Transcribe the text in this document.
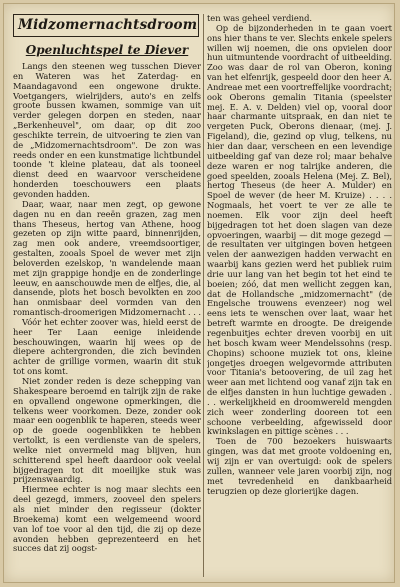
Midzomernachtsdroom
Openluchtspel te Diever

Langs den steenen weg tusschen Diever en Wateren was het Zaterdag- en Maandagavond een ongewone drukte. Voetgangers, wielrijders, auto's en zelfs groote bussen kwamen, sommige van uit verder gelegen dorpen en steden, naar „Berkenheuvel", om daar, op dit zoo geschikte terrein, de uitvoering te zien van de „Midzomernachtsdroom". De zon was reeds onder en een kunstmatige lichtbundel toonde 't kleine plateau, dat als tooneel dienst deed en waarvoor verscheidene honderden toeschouwers een plaats gevonden hadden.

Daar, waar, naar men zegt, op gewone dagen nu en dan reeën grazen, zag men thans Theseus, hertog van Athene, hoog gezeten op zijn witte paard, binnenrijden, zag men ook andere, vreemdsoortiger, gestalten, zooals Spoel de wever met zijn beloverden ezelskop, 'n wandelende maan met zijn grappige hondje en de zonderlinge leeuw, en aanschouwde men de elfjes, die, al dansende, plots het bosch bevolkten en zoo han onmisbaar deel vormden van den romantisch-droomerigen Midzomernacht . . .

Vóór het echter zoover was, hield eerst de heer Ter Laan eenige inleidende beschouwingen, waarin hij wees op de diepere achtergronden, die zich bevinden achter de grillige vormen, waarin dit stuk tot ons komt.

Niet zonder reden is deze schepping van Shakespeare beroemd en talrijk zijn de rake en opvallend ongewone opmerkingen, die telkens weer voorkomen. Deze, zonder ook maar een oogenblik te haperen, steeds weer op de goede oogenblikken te hebben vertolkt, is een verdienste van de spelers, welke niet onvermeld mag blijven, hun schitterend spel heeft daardoor ook veelal bijgedragen tot dit moeilijke stuk was prijzenswaardig.

Hiermee echter is nog maar slechts een deel gezegd, immers, zooveel den spelers als niet minder den regisseur (dokter Broekema) komt een welgemeend woord van lof toe voor al den tijd, die zij op deze avonden hebben geprezenteerd en het succes dat zij oogst-

ten was geheel verdiend.

Op de bijzonderheden in te gaan voert ons hier thans te ver. Slechts enkele spelers willen wij noemen, die ons opvielen door hun uitmuntende voordracht of uitbeelding. Zoo was daar de rol van Oberon, koning van het elfenrijk, gespeeld door den heer A. Andreae met een voortreffelijke voordracht; ook Oberons gemalin Titania (speelster mej. E. A. v. Delden) viel op, vooral door haar charmante uitspraak, en dan niet te vergeten Puck, Oberons dienaar, (mej. J. Figeland), die, gezind op vlug, telkens, nu hier dan daar, verscheen en een levendige uitbeelding gaf van deze rol; maar behalve deze waren er nog talrijke anderen, die goed speelden, zooals Helena (Mej. Z. Bel), hertog Theseus (de heer A. Mulder) en Spoel de wever (de heer M. Kruize) . . . . Nogmaals, het voert te ver ze alle te noemen. Elk voor zijn deel heeft bijgedragen tot het doen slagen van deze opvoeringen, waarbij — dit moge gezegd — de resultaten ver uitgingen boven hetgeen velen der aanwezigen hadden verwacht en waarbij kans gezien werd het publiek ruim drie uur lang van het begin tot het eind te boeien; zóó, dat men wellicht zeggen kan, dat de Hollandsche „midzomernacht" (de Engelsche trouwens evenzeer) nog wel eens iets te wenschen over laat, waar het betreft warmte en droogte. De dreigende regenbuitjes echter dreven voorbij en uit het bosch kwam weer Mendelssohns (resp. Chopins) schoone muziek tot ons, kleine jongetjes droegen welgevormde attributen voor Titania's betoovering, de uil zag het weer aan met lichtend oog vanaf zijn tak en de elfjes dansten in hun luchtige gewaden . . . werkelijkheid en droomwereld mengden zich weer zonderling dooreen tot een schoone verbeelding, afgewisseld door kwinkslagen en pittige scènes . . .

Toen de 700 bezoekers huiswaarts gingen, was dat met groote voldoening en, wij zijn er van overtuigd: ook de spelers zullen, wanneer vele jaren voorbij zijn, nog met tevredenheid en dankbaarheid terugzien op deze glorierijke dagen.
